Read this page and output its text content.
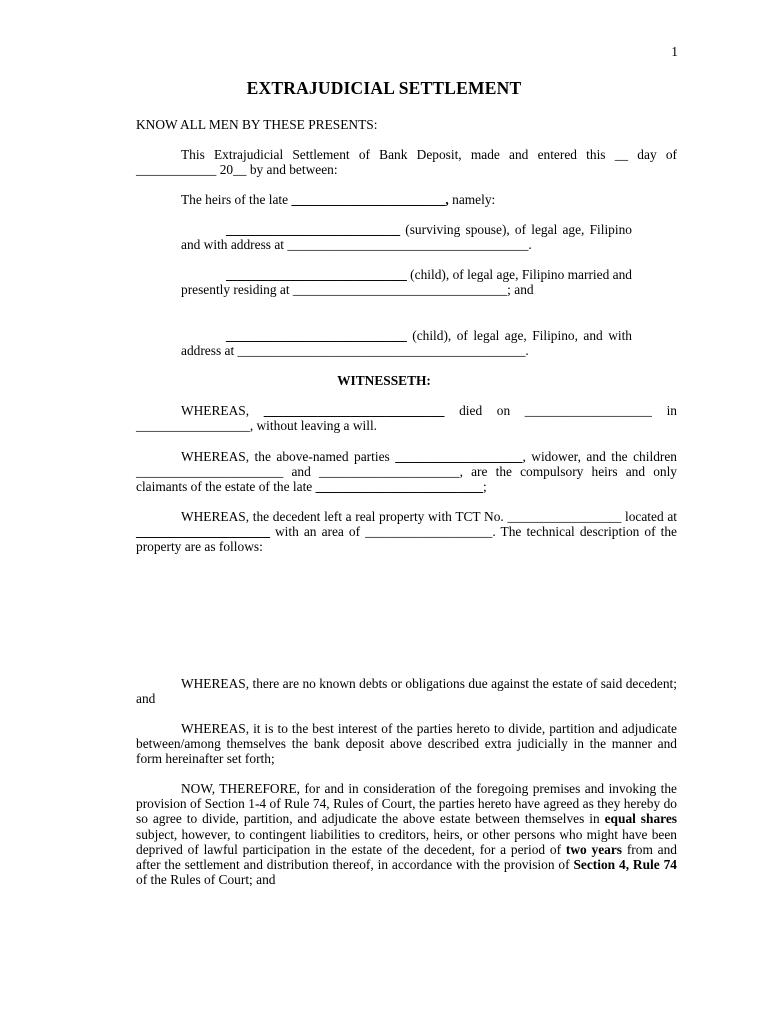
1
EXTRAJUDICIAL SETTLEMENT
KNOW ALL MEN BY THESE PRESENTS:
This Extrajudicial Settlement of Bank Deposit, made and entered this __ day of ____________ 20__ by and between:
The heirs of the late _______________________, namely:
__________________________ (surviving spouse), of legal age, Filipino and with address at ____________________________________.
___________________________ (child), of legal age, Filipino married and presently residing at ________________________________; and
___________________________ (child), of legal age, Filipino, and with address at ___________________________________________.
WITNESSETH:
WHEREAS, ___________________________ died on ___________________ in _________________, without leaving a will.
WHEREAS, the above-named parties ___________________, widower, and the children ______________________ and _____________________, are the compulsory heirs and only claimants of the estate of the late _________________________;
WHEREAS, the decedent left a real property with TCT No. _________________ located at ____________________ with an area of ___________________. The technical description of the property are as follows:
WHEREAS, there are no known debts or obligations due against the estate of said decedent; and
WHEREAS, it is to the best interest of the parties hereto to divide, partition and adjudicate between/among themselves the bank deposit above described extra judicially in the manner and form hereinafter set forth;
NOW, THEREFORE, for and in consideration of the foregoing premises and invoking the provision of Section 1-4 of Rule 74, Rules of Court, the parties hereto have agreed as they hereby do so agree to divide, partition, and adjudicate the above estate between themselves in equal shares subject, however, to contingent liabilities to creditors, heirs, or other persons who might have been deprived of lawful participation in the estate of the decedent, for a period of two years from and after the settlement and distribution thereof, in accordance with the provision of Section 4, Rule 74 of the Rules of Court; and
